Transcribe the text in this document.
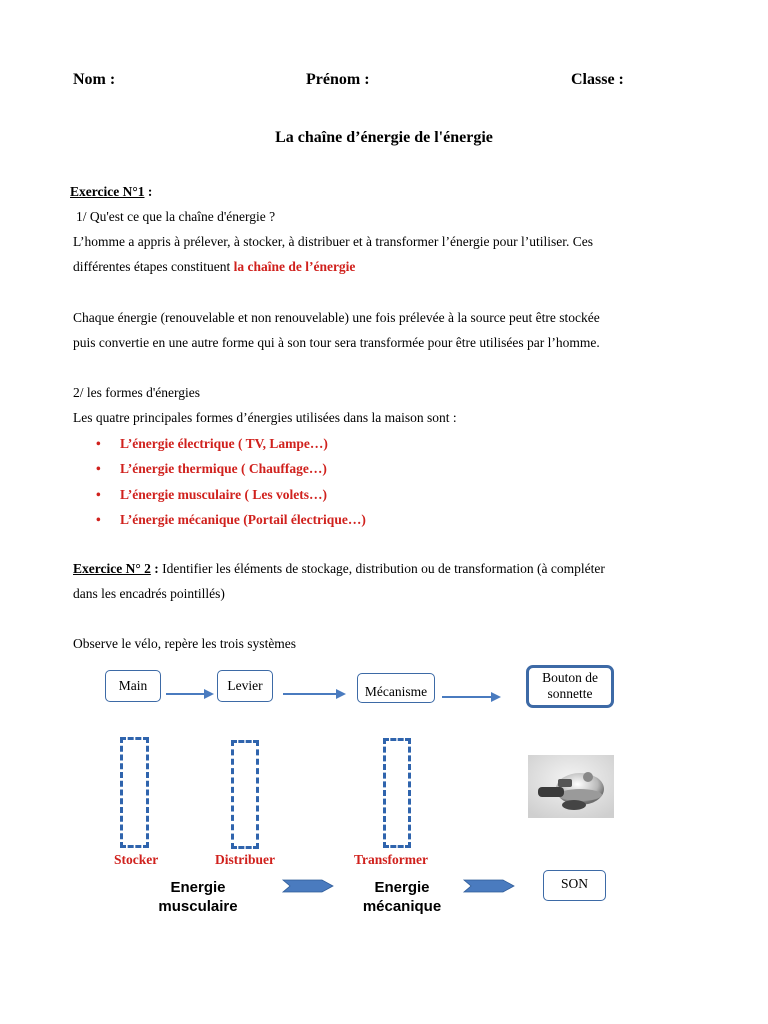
Nom :	Prénom :	Classe :
La chaîne d’énergie de l'énergie
Exercice N°1 :
1/ Qu'est ce que la chaîne d'énergie ?
L’homme a appris à prélever, à stocker, à distribuer et à transformer l’énergie pour l’utiliser. Ces
différentes étapes constituent la chaîne de l’énergie
Chaque énergie (renouvelable et non renouvelable) une fois prélevée à la source peut être stockée
puis convertie en une autre forme qui à son tour sera transformée pour être utilisées par l’homme.
2/ les formes d'énergies
Les quatre principales formes d’énergies utilisées dans la maison sont :
• L’énergie électrique ( TV, Lampe…)
• L’énergie thermique ( Chauffage…)
• L’énergie musculaire ( Les volets…)
• L’énergie mécanique (Portail électrique…)
Exercice N° 2 : Identifier les éléments de stockage, distribution ou de transformation (à compléter
dans les encadrés pointillés)
Observe le vélo, repère les trois systèmes
Main	Levier	Mécanisme
Bouton de sonnette
Stocker	Distribuer	Transformer
Energie
musculaire
Energie
mécanique
SON
